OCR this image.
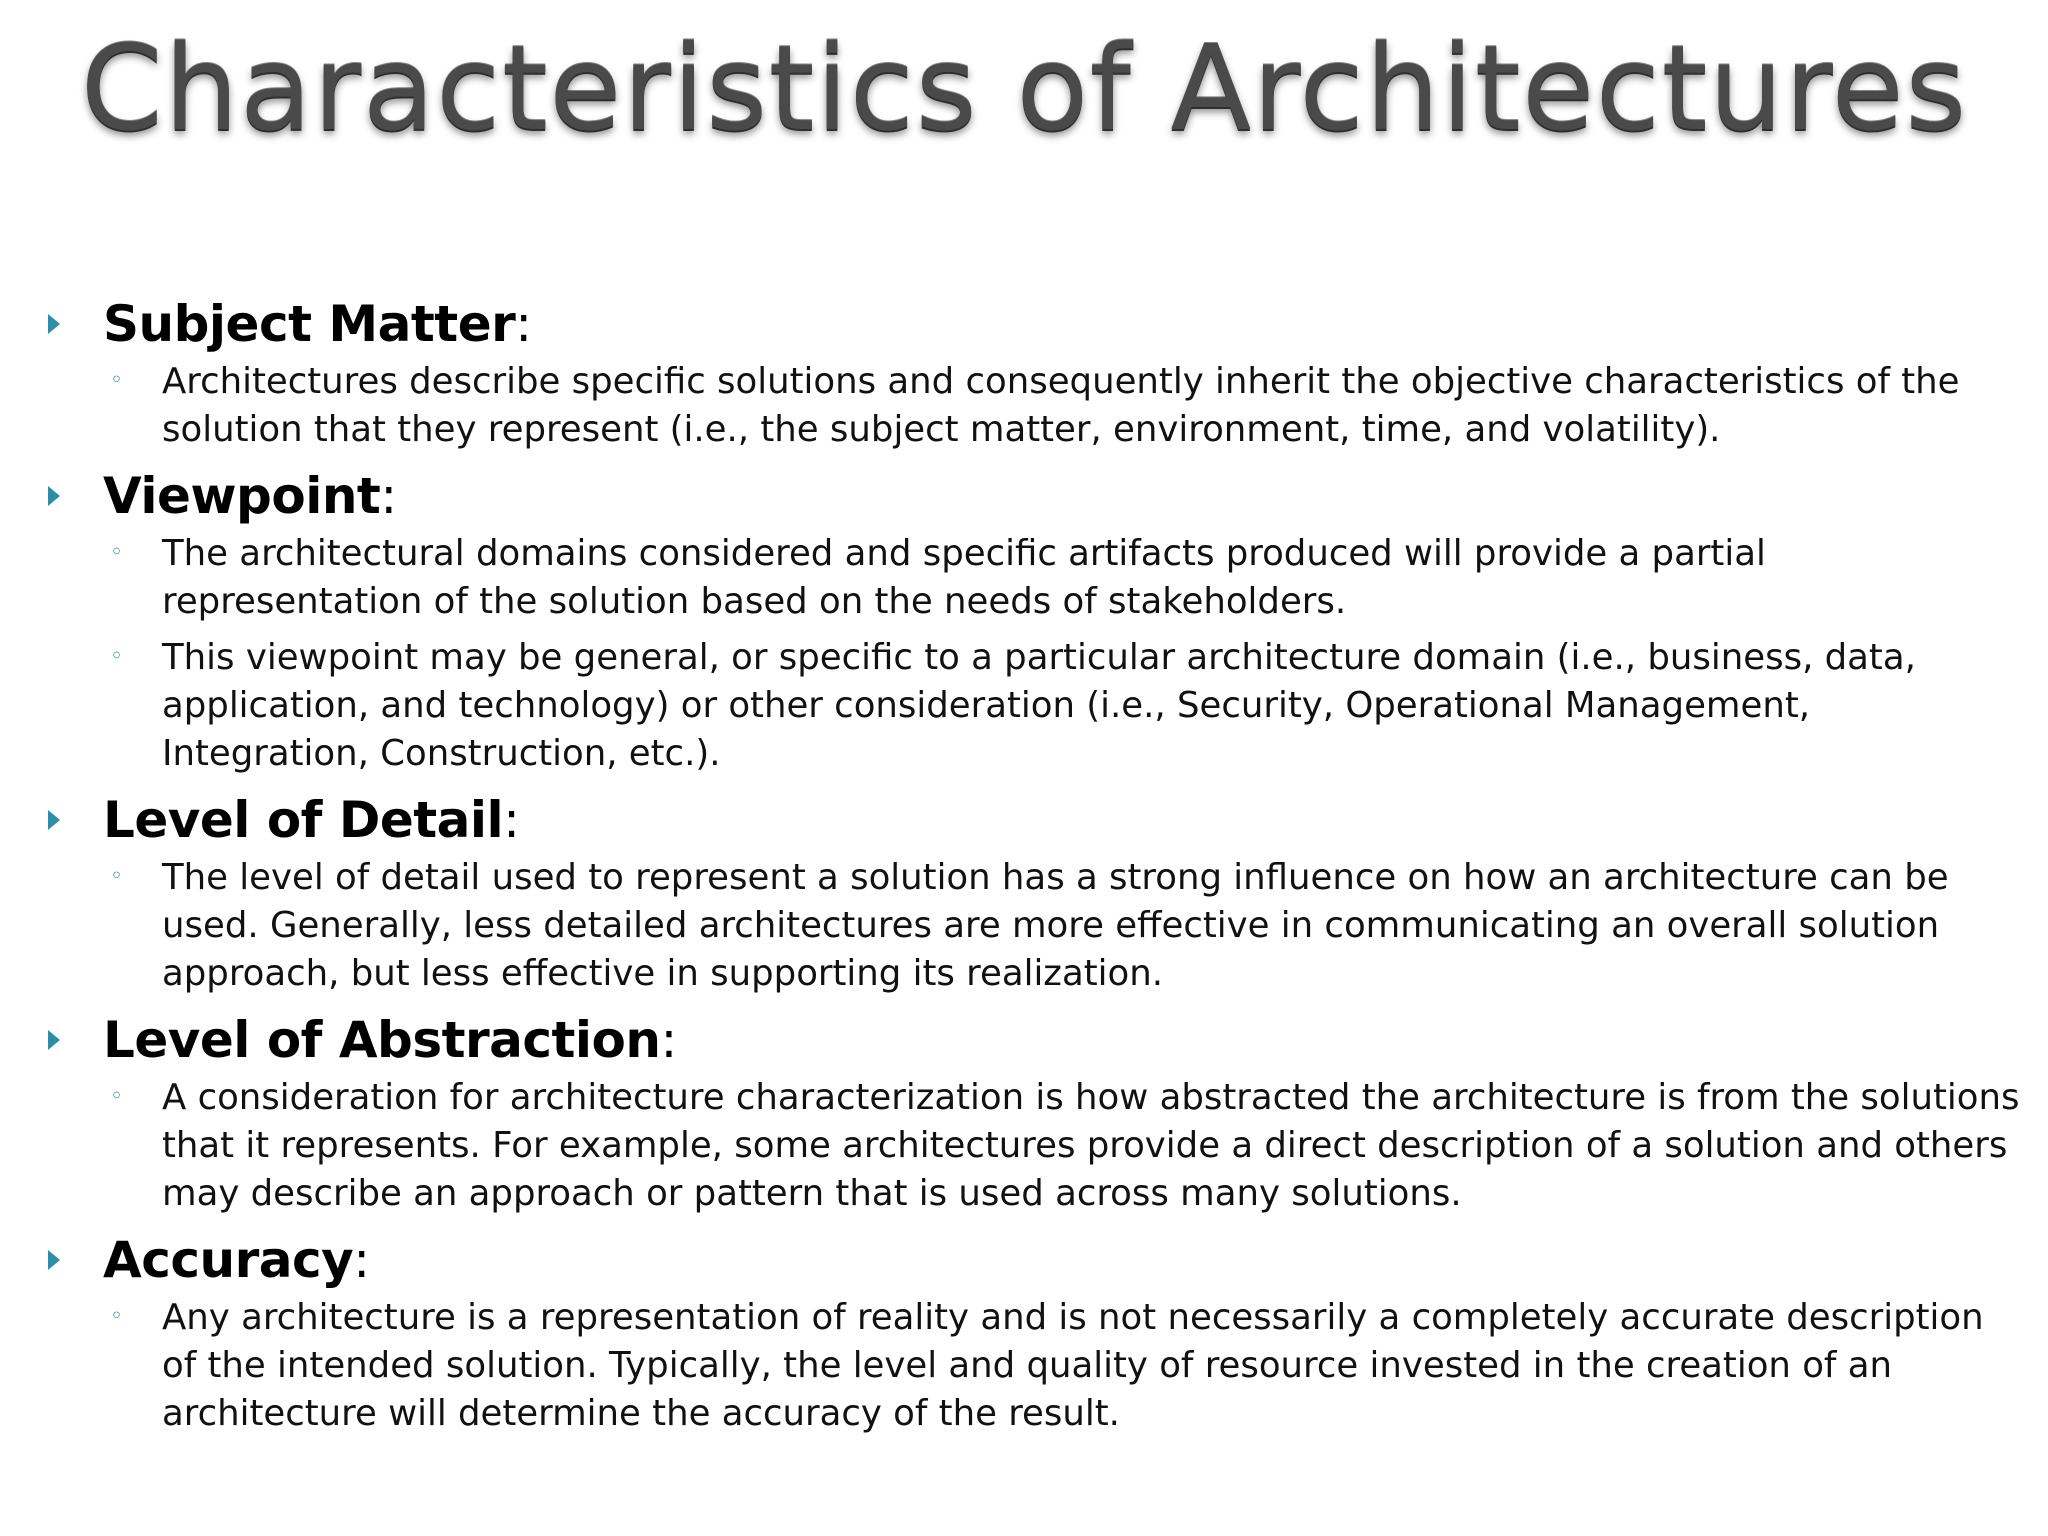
Characteristics of Architectures
Subject Matter:
◦ Architectures describe specific solutions and consequently inherit the objective characteristics of the solution that they represent (i.e., the subject matter, environment, time, and volatility).
Viewpoint:
◦ The architectural domains considered and specific artifacts produced will provide a partial representation of the solution based on the needs of stakeholders.
◦ This viewpoint may be general, or specific to a particular architecture domain (i.e., business, data, application, and technology) or other consideration (i.e., Security, Operational Management, Integration, Construction, etc.).
Level of Detail:
◦ The level of detail used to represent a solution has a strong influence on how an architecture can be used. Generally, less detailed architectures are more effective in communicating an overall solution approach, but less effective in supporting its realization.
Level of Abstraction:
◦ A consideration for architecture characterization is how abstracted the architecture is from the solutions that it represents. For example, some architectures provide a direct description of a solution and others may describe an approach or pattern that is used across many solutions.
Accuracy:
◦ Any architecture is a representation of reality and is not necessarily a completely accurate description of the intended solution. Typically, the level and quality of resource invested in the creation of an architecture will determine the accuracy of the result.
